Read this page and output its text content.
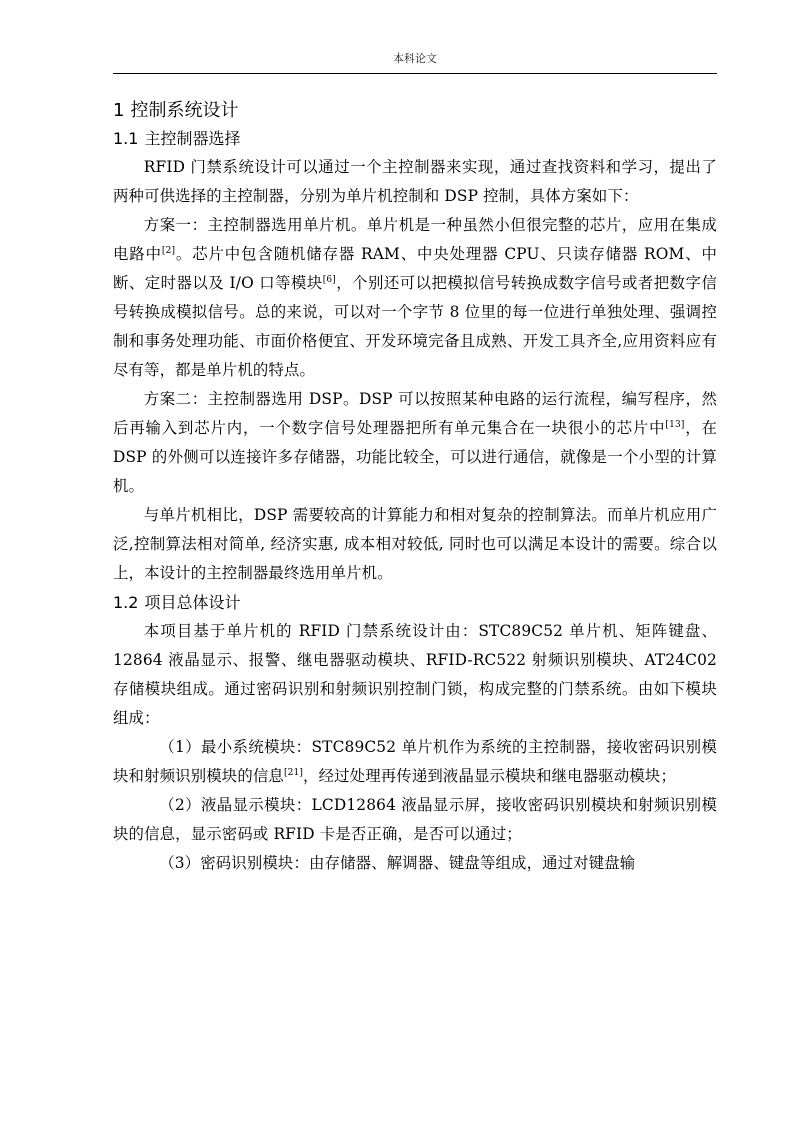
本科论文
1 控制系统设计
1.1 主控制器选择

RFID 门禁系统设计可以通过一个主控制器来实现，通过查找资料和学习，提出了两种可供选择的主控制器，分别为单片机控制和 DSP 控制，具体方案如下：

方案一：主控制器选用单片机。单片机是一种虽然小但很完整的芯片，应用在集成电路中[2]。芯片中包含随机储存器 RAM、中央处理器 CPU、只读存储器 ROM、中断、定时器以及 I/O 口等模块[6]，个别还可以把模拟信号转换成数字信号或者把数字信号转换成模拟信号。总的来说，可以对一个字节 8 位里的每一位进行单独处理、强调控制和事务处理功能、市面价格便宜、开发环境完备且成熟、开发工具齐全,应用资料应有尽有等，都是单片机的特点。

方案二：主控制器选用 DSP。DSP 可以按照某种电路的运行流程，编写程序，然后再输入到芯片内，一个数字信号处理器把所有单元集合在一块很小的芯片中[13]，在 DSP 的外侧可以连接许多存储器，功能比较全，可以进行通信，就像是一个小型的计算机。

与单片机相比，DSP 需要较高的计算能力和相对复杂的控制算法。而单片机应用广泛,控制算法相对简单, 经济实惠, 成本相对较低, 同时也可以满足本设计的需要。综合以上，本设计的主控制器最终选用单片机。

1.2 项目总体设计

本项目基于单片机的 RFID 门禁系统设计由：STC89C52 单片机、矩阵键盘、12864 液晶显示、报警、继电器驱动模块、RFID-RC522 射频识别模块、AT24C02 存储模块组成。通过密码识别和射频识别控制门锁，构成完整的门禁系统。由如下模块组成：

（1）最小系统模块：STC89C52 单片机作为系统的主控制器，接收密码识别模块和射频识别模块的信息[21]，经过处理再传递到液晶显示模块和继电器驱动模块；

（2）液晶显示模块：LCD12864 液晶显示屏，接收密码识别模块和射频识别模块的信息，显示密码或 RFID 卡是否正确，是否可以通过；

（3）密码识别模块：由存储器、解调器、键盘等组成，通过对键盘输
